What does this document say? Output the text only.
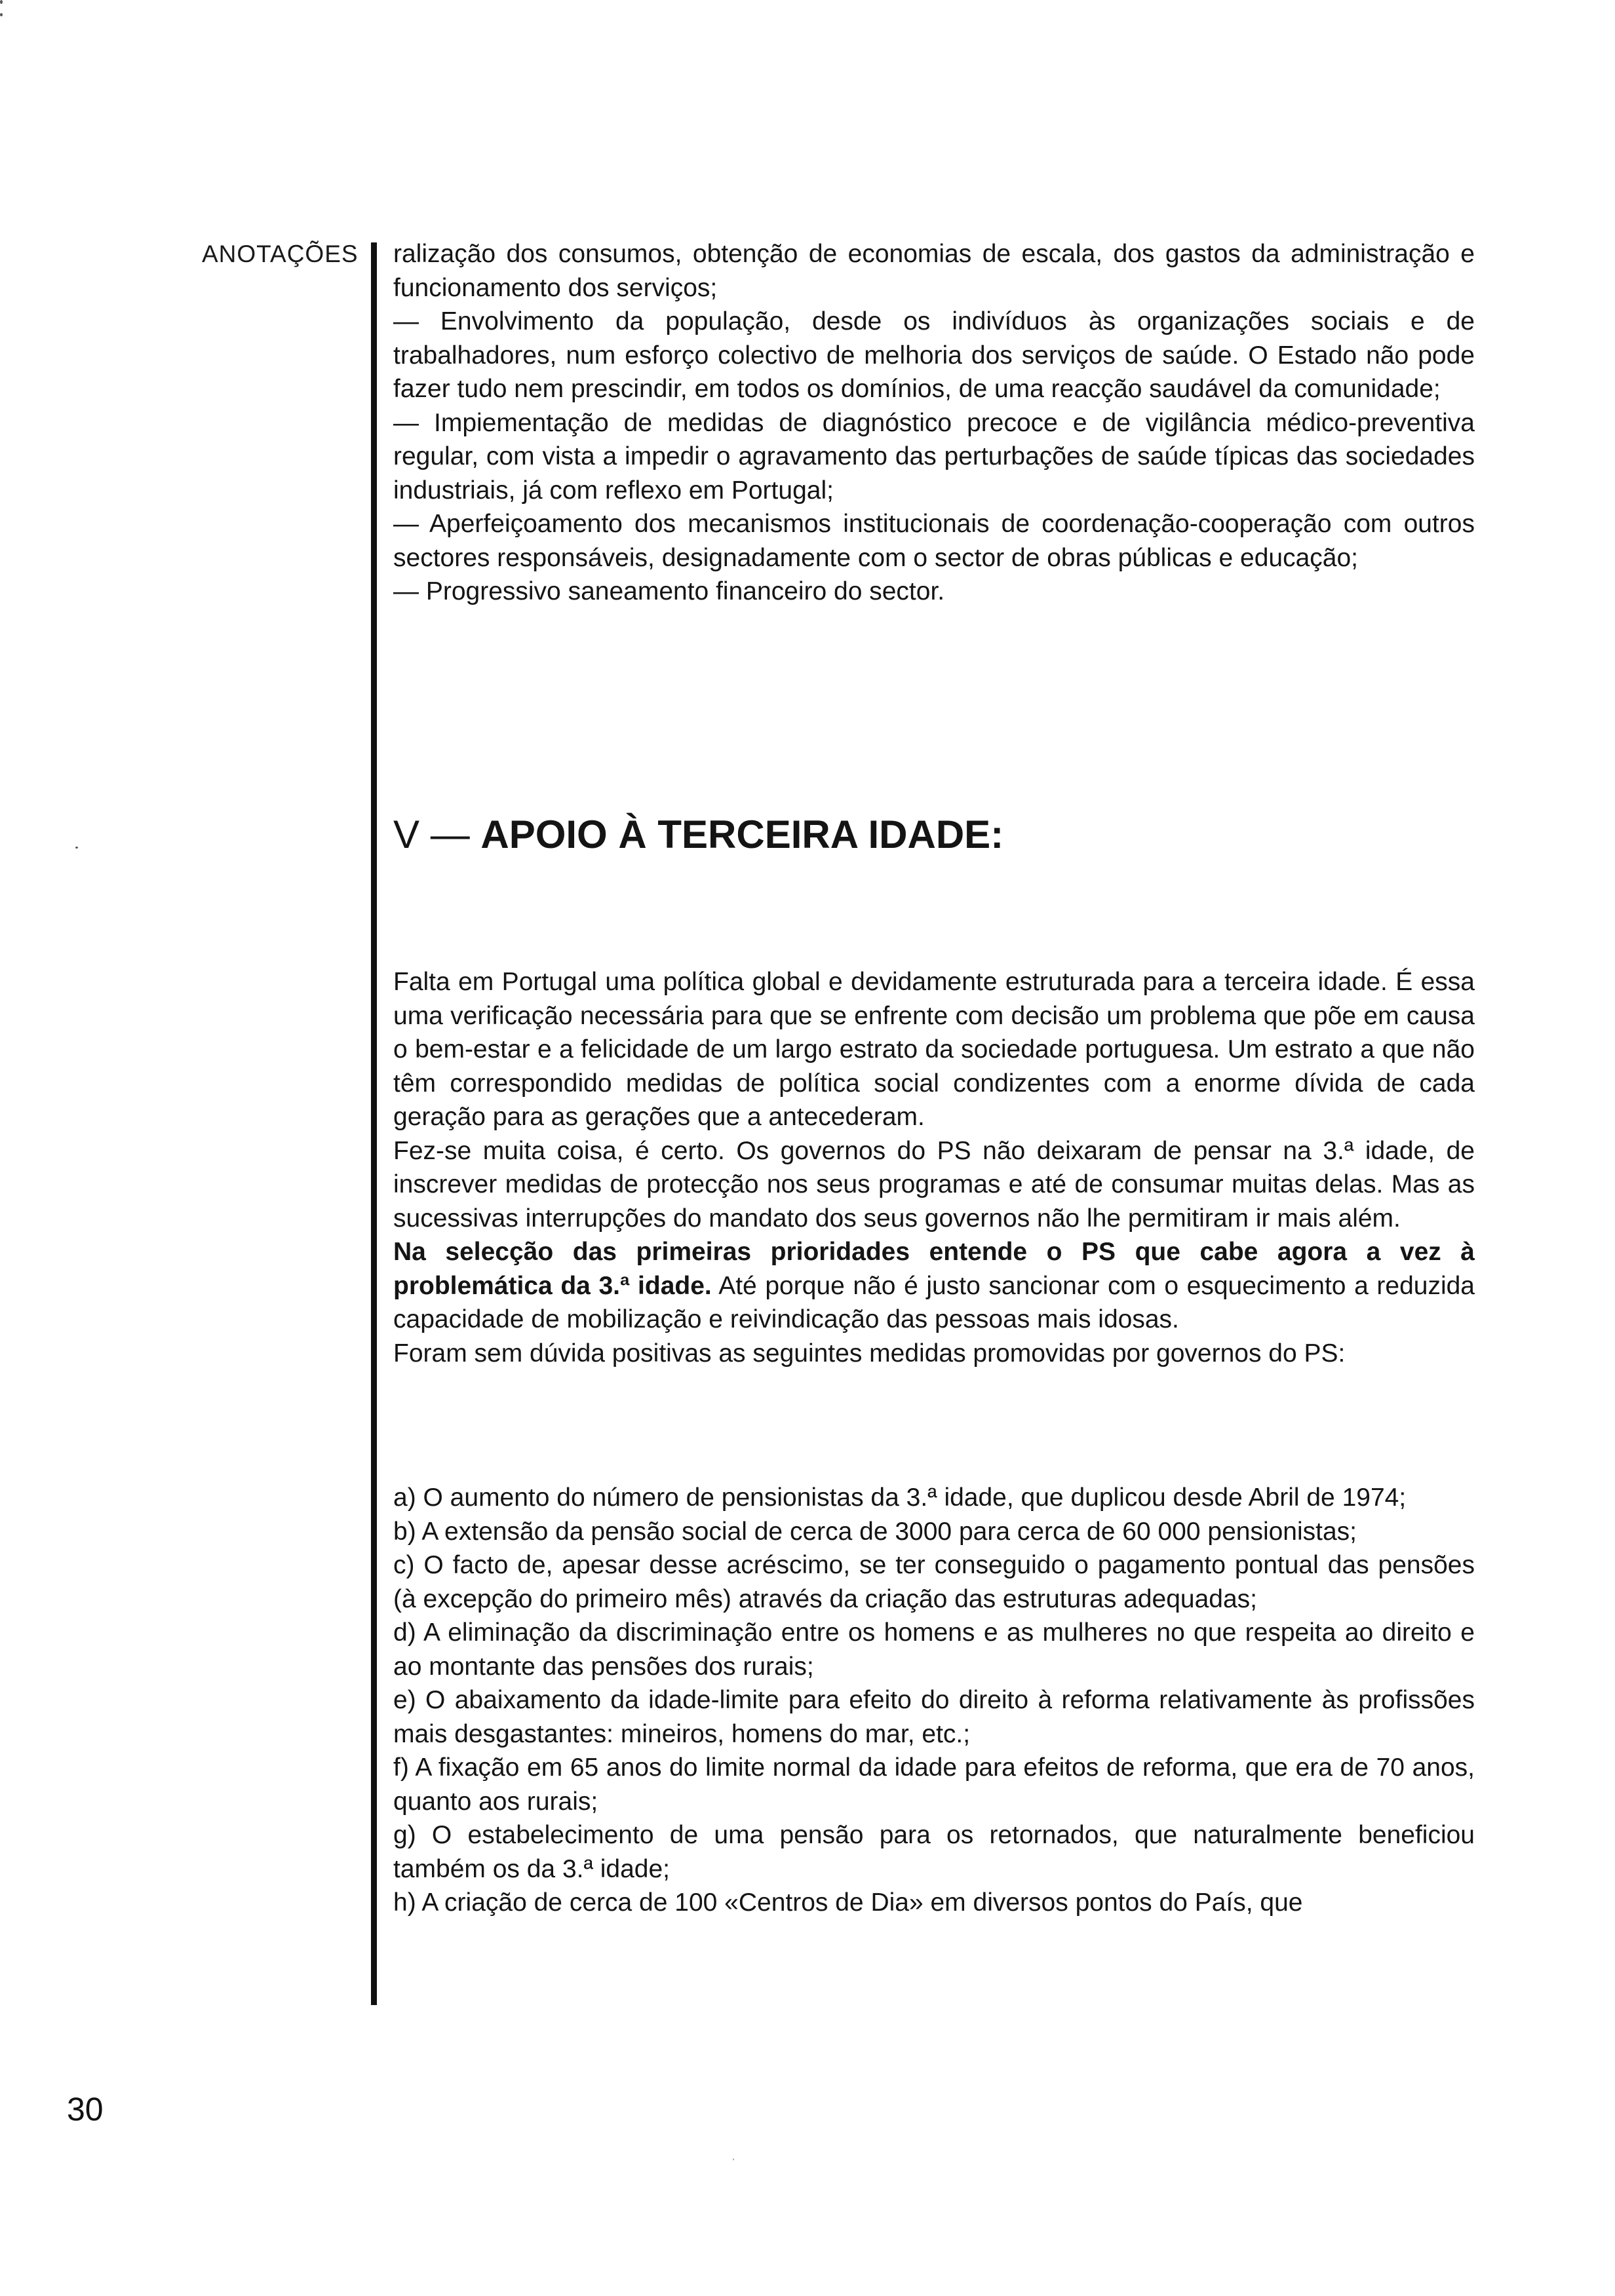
ANOTAÇÕES ralização dos consumos, obtenção de economias de escala, dos gastos da administração e funcionamento dos serviços;

— Envolvimento da população, desde os indivíduos às organizações sociais e de trabalhadores, num esforço colectivo de melhoria dos serviços de saúde. O Estado não pode fazer tudo nem prescindir, em todos os domínios, de uma reacção saudável da comunidade;

— Impiementação de medidas de diagnóstico precoce e de vigilância médico-preventiva regular, com vista a impedir o agravamento das perturbações de saúde típicas das sociedades industriais, já com reflexo em Portugal;

— Aperfeiçoamento dos mecanismos institucionais de coordenação-cooperação com outros sectores responsáveis, designadamente com o sector de obras públicas e educação;

— Progressivo saneamento financeiro do sector.

V — APOIO À TERCEIRA IDADE:

Falta em Portugal uma política global e devidamente estruturada para a terceira idade. É essa uma verificação necessária para que se enfrente com decisão um problema que põe em causa o bem-estar e a felicidade de um largo estrato da sociedade portuguesa. Um estrato a que não têm correspondido medidas de política social condizentes com a enorme dívida de cada geração para as gerações que a antecederam.

Fez-se muita coisa, é certo. Os governos do PS não deixaram de pensar na 3.ª idade, de inscrever medidas de protecção nos seus programas e até de consumar muitas delas. Mas as sucessivas interrupções do mandato dos seus governos não lhe permitiram ir mais além.

Na selecção das primeiras prioridades entende o PS que cabe agora a vez à problemática da 3.ª idade. Até porque não é justo sancionar com o esquecimento a reduzida capacidade de mobilização e reivindicação das pessoas mais idosas.

Foram sem dúvida positivas as seguintes medidas promovidas por governos do PS:

a) O aumento do número de pensionistas da 3.ª idade, que duplicou desde Abril de 1974;

b) A extensão da pensão social de cerca de 3000 para cerca de 60 000 pensionistas;

c) O facto de, apesar desse acréscimo, se ter conseguido o pagamento pontual das pensões (à excepção do primeiro mês) através da criação das estruturas adequadas;

d) A eliminação da discriminação entre os homens e as mulheres no que respeita ao direito e ao montante das pensões dos rurais;

e) O abaixamento da idade-limite para efeito do direito à reforma relativamente às profissões mais desgastantes: mineiros, homens do mar, etc.;

f) A fixação em 65 anos do limite normal da idade para efeitos de reforma, que era de 70 anos, quanto aos rurais;

g) O estabelecimento de uma pensão para os retornados, que naturalmente beneficiou também os da 3.ª idade;

h) A criação de cerca de 100 «Centros de Dia» em diversos pontos do País, que

30
